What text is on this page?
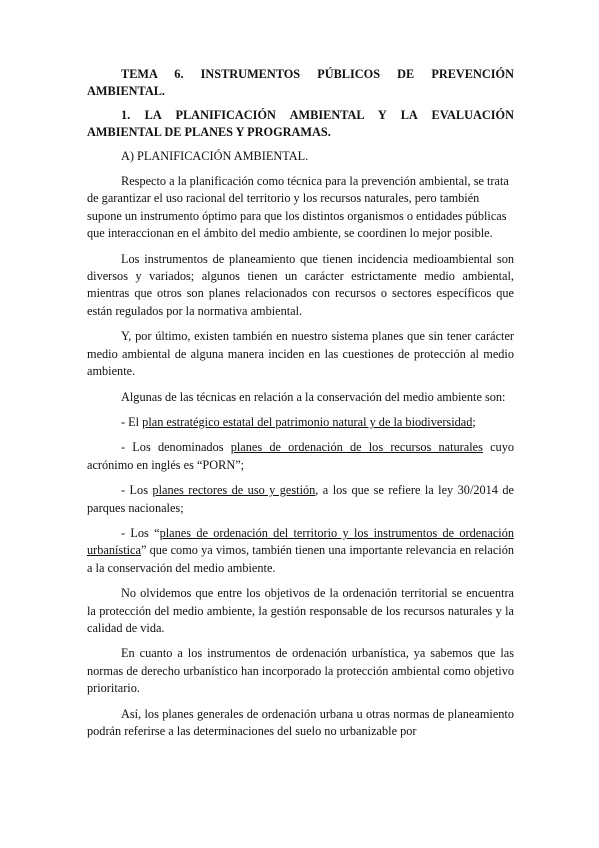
TEMA 6. INSTRUMENTOS PÚBLICOS DE PREVENCIÓN AMBIENTAL.

1. LA PLANIFICACIÓN AMBIENTAL Y LA EVALUACIÓN AMBIENTAL DE PLANES Y PROGRAMAS.

A) PLANIFICACIÓN AMBIENTAL.

Respecto a la planificación como técnica para la prevención ambiental, se trata de garantizar el uso racional del territorio y los recursos naturales, pero también supone un instrumento óptimo para que los distintos organismos o entidades públicas que interaccionan en el ámbito del medio ambiente, se coordinen lo mejor posible.

Los instrumentos de planeamiento que tienen incidencia medioambiental son diversos y variados; algunos tienen un carácter estrictamente medio ambiental, mientras que otros son planes relacionados con recursos o sectores específicos que están regulados por la normativa ambiental.

Y, por último, existen también en nuestro sistema planes que sin tener carácter medio ambiental de alguna manera inciden en las cuestiones de protección al medio ambiente.

Algunas de las técnicas en relación a la conservación del medio ambiente son:

- El plan estratégico estatal del patrimonio natural y de la biodiversidad;

- Los denominados planes de ordenación de los recursos naturales cuyo acrónimo en inglés es “PORN”;

- Los planes rectores de uso y gestión, a los que se refiere la ley 30/2014 de parques nacionales;

- Los “planes de ordenación del territorio y los instrumentos de ordenación urbanística” que como ya vimos, también tienen una importante relevancia en relación a la conservación del medio ambiente.

No olvidemos que entre los objetivos de la ordenación territorial se encuentra la protección del medio ambiente, la gestión responsable de los recursos naturales y la calidad de vida.

En cuanto a los instrumentos de ordenación urbanística, ya sabemos que las normas de derecho urbanístico han incorporado la protección ambiental como objetivo prioritario.

Así, los planes generales de ordenación urbana u otras normas de planeamiento podrán referirse a las determinaciones del suelo no urbanizable por
